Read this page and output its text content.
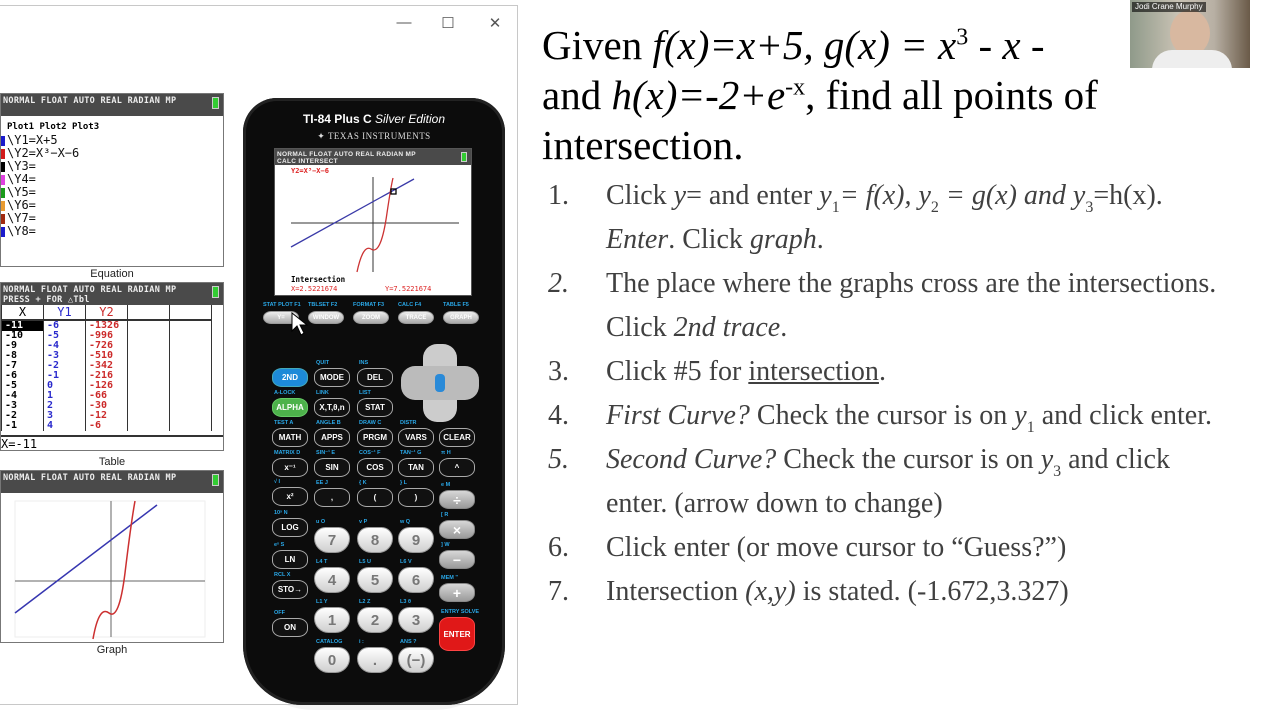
—	☐	✕
NORMAL FLOAT AUTO REAL RADIAN MP
Plot1 Plot2 Plot3
\Y1=X+5
\Y2=X³−X−6
\Y3=
\Y4=
\Y5=
\Y6=
\Y7=
\Y8=
Equation
NORMAL FLOAT AUTO REAL RADIAN MP
PRESS + FOR △Tbl
X	Y1	Y2		
-11	-6	-1326		
-10	-5	-996		
-9	-4	-726		
-8	-3	-510		
-7	-2	-342		
-6	-1	-216		
-5	0	-126		
-4	1	-66		
-3	2	-30		
-2	3	-12		
-1	4	-6		
X=-11
Table
NORMAL FLOAT AUTO REAL RADIAN MP
Graph
TI-84 Plus C Silver Edition
✦ TEXAS INSTRUMENTS
NORMAL FLOAT AUTO REAL RADIAN MP
CALC INTERSECT
Y2=X³−X−6
Intersection
X=2.5221674	Y=7.5221674
STAT PLOT F1
Y=
TBLSET F2
WINDOW
FORMAT F3
ZOOM
CALC F4
TRACE
TABLE F5
GRAPH
2ND
QUIT
MODE
INS
DEL
A-LOCK
ALPHA
LINK
X,T,θ,n
LIST
STAT
TEST A
MATH
ANGLE B
APPS
DRAW C
PRGM
DISTR
VARS	CLEAR
MATRIX D
x⁻¹
SIN⁻¹ E
SIN
COS⁻¹ F
COS
TAN⁻¹ G
TAN
π H
^
√ I
x²
EE J
,
{ K
(
} L
)
e M
÷
10ˣ N
LOG
u O
7
v P
8
w Q
9
[ R
×
eˣ S
LN	L4 T
4
L5 U
5
L6 V
6
] W
−
RCL X
STO→
L1 Y
1
L2 Z
2
L3 θ
3
MEM "
+
OFF
ON
ENTRY SOLVE
ENTER
CATALOG
0
i :
.
ANS ?
(−)
Given f(x)=x+5, $g(x) = x^3 - x$ -
and $h(x)=-2+e^{-x}$, find all points of
intersection.
1.	Click y= and enter $y_1= f(x)$, $y_2 = g(x)$ and $y_3=h(x)$. Enter. Click graph.
2.	The place where the graphs cross are the intersections. Click 2nd trace.
3.	Click #5 for intersection.
4.	First Curve? Check the cursor is on $y_1$ and click enter.
5.	Second Curve? Check the cursor is on $y_3$ and click enter. (arrow down to change)
6.	Click enter (or move cursor to “Guess?”)
7.	Intersection (x,y) is stated. (-1.672,3.327)
Jodi Crane Murphy
